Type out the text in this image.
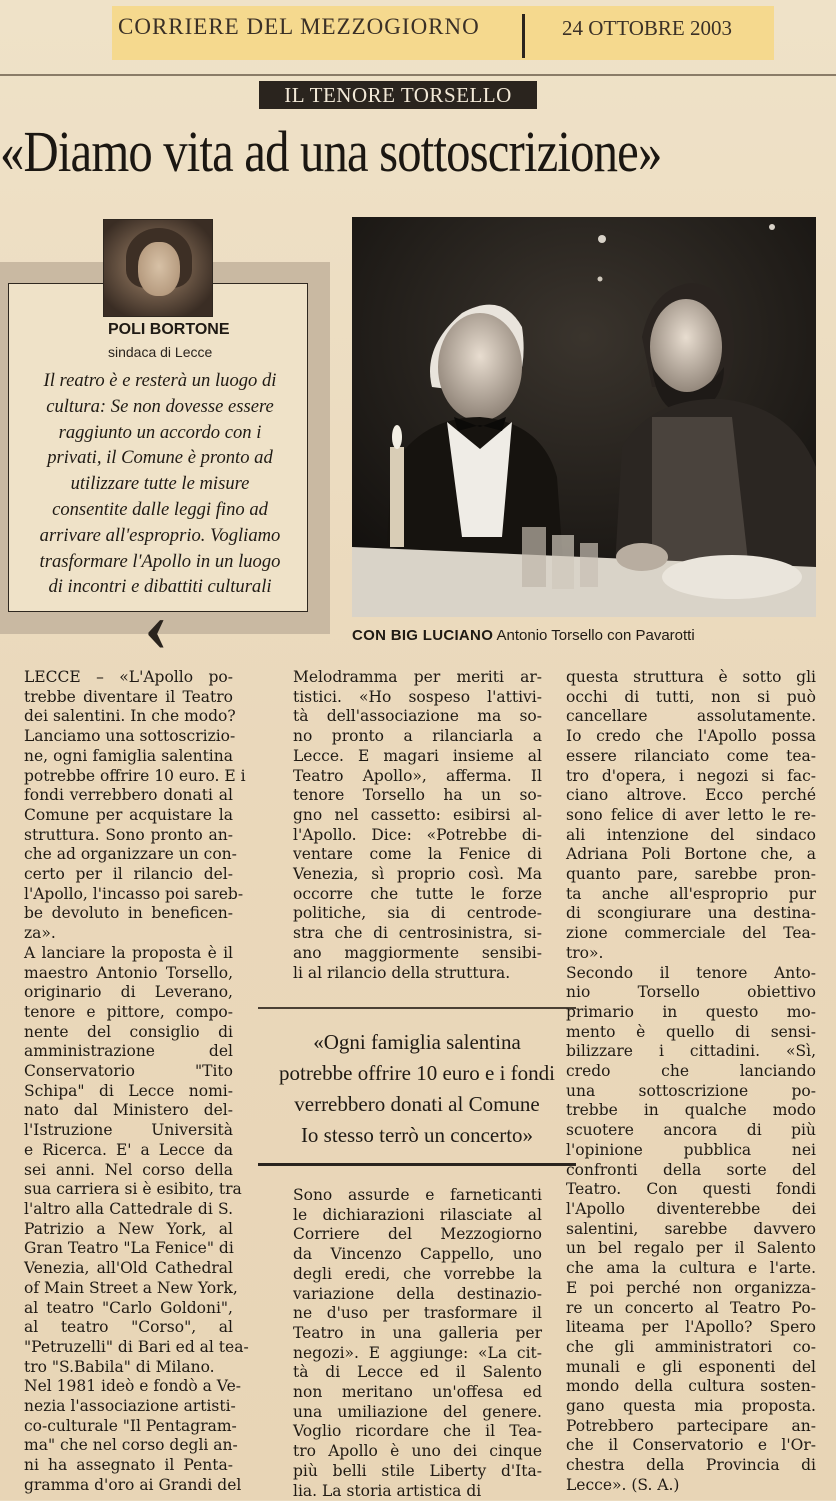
CORRIERE DEL MEZZOGIORNO	24 OTTOBRE 2003
IL TENORE TORSELLO
«Diamo vita ad una sottoscrizione»
POLI BORTONE
sindaca di Lecce
Il reatro è e resterà un luogo di
cultura: Se non dovesse essere
raggiunto un accordo con i
privati, il Comune è pronto ad
utilizzare tutte le misure
consentite dalle leggi fino ad
arrivare all'esproprio. Vogliamo
trasformare l'Apollo in un luogo
di incontri e dibattiti culturali
‹	CON BIG LUCIANO Antonio Torsello con Pavarotti
LECCE – «L'Apollo po-
trebbe diventare il Teatro
dei salentini. In che modo?
Lanciamo una sottoscrizio-
ne, ogni famiglia salentina
potrebbe offrire 10 euro. E i
fondi verrebbero donati al
Comune per acquistare la
struttura. Sono pronto an-
che ad organizzare un con-
certo per il rilancio del-
l'Apollo, l'incasso poi sareb-
be devoluto in beneficen-
za».
A lanciare la proposta è il
maestro Antonio Torsello,
originario di Leverano,
tenore e pittore, compo-
nente del consiglio di
amministrazione del
Conservatorio "Tito
Schipa" di Lecce nomi-
nato dal Ministero del-
l'Istruzione Università
e Ricerca. E' a Lecce da
sei anni. Nel corso della
sua carriera si è esibito, tra
l'altro alla Cattedrale di S.
Patrizio a New York, al
Gran Teatro "La Fenice" di
Venezia, all'Old Cathedral
of Main Street a New York,
al teatro "Carlo Goldoni",
al teatro "Corso", al
"Petruzelli" di Bari ed al tea-
tro "S.Babila" di Milano.
Nel 1981 ideò e fondò a Ve-
nezia l'associazione artisti-
co-culturale "Il Pentagram-
ma" che nel corso degli an-
ni ha assegnato il Penta-
gramma d'oro ai Grandi del
Melodramma per meriti ar-
tistici. «Ho sospeso l'attivi-
tà dell'associazione ma so-
no pronto a rilanciarla a
Lecce. E magari insieme al
Teatro Apollo», afferma. Il
tenore Torsello ha un so-
gno nel cassetto: esibirsi al-
l'Apollo. Dice: «Potrebbe di-
ventare come la Fenice di
Venezia, sì proprio così. Ma
occorre che tutte le forze
politiche, sia di centrode-
stra che di centrosinistra, si-
ano maggiormente sensibi-
li al rilancio della struttura.
«Ogni famiglia salentina
potrebbe offrire 10 euro e i fondi
verrebbero donati al Comune
Io stesso terrò un concerto»
Sono assurde e farneticanti
le dichiarazioni rilasciate al
Corriere del Mezzogiorno
da Vincenzo Cappello, uno
degli eredi, che vorrebbe la
variazione della destinazio-
ne d'uso per trasformare il
Teatro in una galleria per
negozi». E aggiunge: «La cit-
tà di Lecce ed il Salento
non meritano un'offesa ed
una umiliazione del genere.
Voglio ricordare che il Tea-
tro Apollo è uno dei cinque
più belli stile Liberty d'Ita-
lia. La storia artistica di
questa struttura è sotto gli
occhi di tutti, non si può
cancellare assolutamente.
Io credo che l'Apollo possa
essere rilanciato come tea-
tro d'opera, i negozi si fac-
ciano altrove. Ecco perché
sono felice di aver letto le re-
ali intenzione del sindaco
Adriana Poli Bortone che, a
quanto pare, sarebbe pron-
ta anche all'esproprio pur
di scongiurare una destina-
zione commerciale del Tea-
tro».
Secondo il tenore Anto-
nio Torsello obiettivo
primario in questo mo-
mento è quello di sensi-
bilizzare i cittadini. «Sì,
credo che lanciando
una sottoscrizione po-
trebbe in qualche modo
scuotere ancora di più
l'opinione pubblica nei
confronti della sorte del
Teatro. Con questi fondi
l'Apollo diventerebbe dei
salentini, sarebbe davvero
un bel regalo per il Salento
che ama la cultura e l'arte.
E poi perché non organizza-
re un concerto al Teatro Po-
liteama per l'Apollo? Spero
che gli amministratori co-
munali e gli esponenti del
mondo della cultura sosten-
gano questa mia proposta.
Potrebbero partecipare an-
che il Conservatorio e l'Or-
chestra della Provincia di
Lecce». (S. A.)
